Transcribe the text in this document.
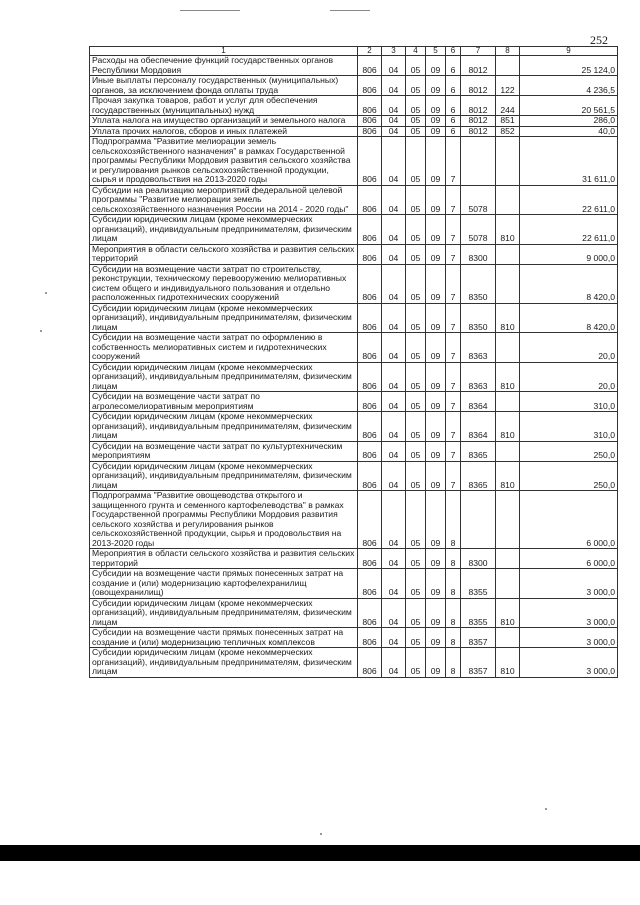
252
1	2	3	4	5	6	7	8	9
Расходы на обеспечение функций государственных органов Республики Мордовия	806	04	05	09	6	8012		25 124,0
Иные выплаты персоналу государственных (муниципальных) органов, за исключением фонда оплаты труда	806	04	05	09	6	8012	122	4 236,5
Прочая закупка товаров, работ и услуг для обеспечения государственных (муниципальных) нужд	806	04	05	09	6	8012	244	20 561,5
Уплата налога на имущество организаций и земельного налога	806	04	05	09	6	8012	851	286,0
Уплата прочих налогов, сборов и иных платежей	806	04	05	09	6	8012	852	40,0
Подпрограмма "Развитие мелиорации земель сельскохозяйственного назначения" в рамках Государственной программы Республики Мордовия развития сельского хозяйства и регулирования рынков сельскохозяйственной продукции, сырья и продовольствия на 2013-2020 годы	806	04	05	09	7			31 611,0
Субсидии на реализацию мероприятий федеральной целевой программы "Развитие мелиорации земель сельскохозяйственного назначения России на 2014 - 2020 годы"	806	04	05	09	7	5078		22 611,0
Субсидии юридическим лицам (кроме некоммерческих организаций), индивидуальным предпринимателям, физическим лицам	806	04	05	09	7	5078	810	22 611,0
Мероприятия в области сельского хозяйства и развития сельских территорий	806	04	05	09	7	8300		9 000,0
Субсидии на возмещение части затрат по строительству, реконструкции, техническому перевооружению мелиоративных систем общего и индивидуального пользования и отдельно расположенных гидротехнических сооружений	806	04	05	09	7	8350		8 420,0
Субсидии юридическим лицам (кроме некоммерческих организаций), индивидуальным предпринимателям, физическим лицам	806	04	05	09	7	8350	810	8 420,0
Субсидии на возмещение части затрат по оформлению в собственность мелиоративных систем и гидротехнических сооружений	806	04	05	09	7	8363		20,0
Субсидии юридическим лицам (кроме некоммерческих организаций), индивидуальным предпринимателям, физическим лицам	806	04	05	09	7	8363	810	20,0
Субсидии на возмещение части затрат по агролесомелиоративным мероприятиям	806	04	05	09	7	8364		310,0
Субсидии юридическим лицам (кроме некоммерческих организаций), индивидуальным предпринимателям, физическим лицам	806	04	05	09	7	8364	810	310,0
Субсидии на возмещение части затрат по культуртехническим мероприятиям	806	04	05	09	7	8365		250,0
Субсидии юридическим лицам (кроме некоммерческих организаций), индивидуальным предпринимателям, физическим лицам	806	04	05	09	7	8365	810	250,0
Подпрограмма "Развитие овощеводства открытого и защищенного грунта и семенного картофелеводства" в рамках Государственной программы Республики Мордовия развития сельского хозяйства и регулирования рынков сельскохозяйственной продукции, сырья и продовольствия на 2013-2020 годы	806	04	05	09	8			6 000,0
Мероприятия в области сельского хозяйства и развития сельских территорий	806	04	05	09	8	8300		6 000,0
Субсидии на возмещение части прямых понесенных затрат на создание и (или) модернизацию картофелехранилищ (овощехранилищ)	806	04	05	09	8	8355		3 000,0
Субсидии юридическим лицам (кроме некоммерческих организаций), индивидуальным предпринимателям, физическим лицам	806	04	05	09	8	8355	810	3 000,0
Субсидии на возмещение части прямых понесенных затрат на создание и (или) модернизацию тепличных комплексов	806	04	05	09	8	8357		3 000,0
Субсидии юридическим лицам (кроме некоммерческих организаций), индивидуальным предпринимателям, физическим лицам	806	04	05	09	8	8357	810	3 000,0
